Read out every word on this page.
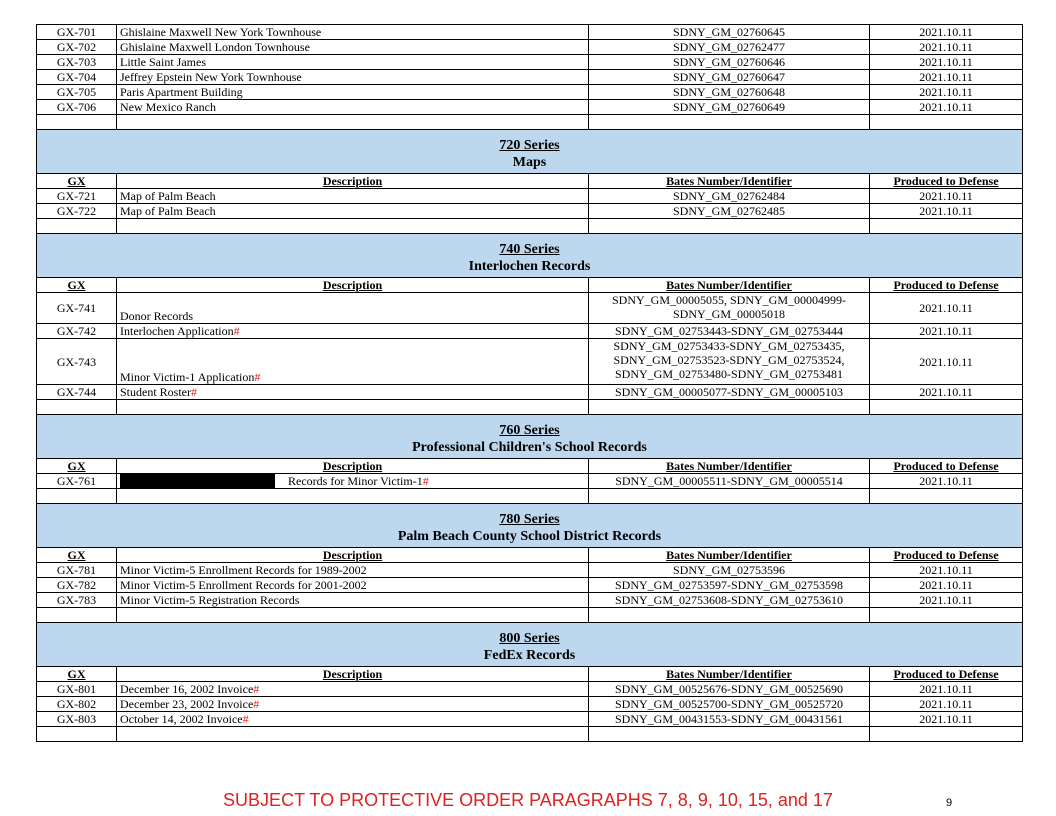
GX-701	Ghislaine Maxwell New York Townhouse	SDNY_GM_02760645	2021.10.11
GX-702	Ghislaine Maxwell London Townhouse	SDNY_GM_02762477	2021.10.11
GX-703	Little Saint James	SDNY_GM_02760646	2021.10.11
GX-704	Jeffrey Epstein New York Townhouse	SDNY_GM_02760647	2021.10.11
GX-705	Paris Apartment Building	SDNY_GM_02760648	2021.10.11
GX-706	New Mexico Ranch	SDNY_GM_02760649	2021.10.11

720 Series
Maps			

GX	Description	Bates Number/Identifier	Produced to Defense
GX-721	Map of Palm Beach	SDNY_GM_02762484	2021.10.11
GX-722	Map of Palm Beach	SDNY_GM_02762485	2021.10.11

740 Series
Interlochen Records			

GX	Description	Bates Number/Identifier	Produced to Defense
GX-741	Donor Records	SDNY_GM_00005055, SDNY_GM_00004999-
SDNY_GM_00005018	2021.10.11
GX-742	Interlochen Application#	SDNY_GM_02753443-SDNY_GM_02753444	2021.10.11
GX-743	Minor Victim-1 Application#	SDNY_GM_02753433-SDNY_GM_02753435,
SDNY_GM_02753523-SDNY_GM_02753524,
SDNY_GM_02753480-SDNY_GM_02753481	2021.10.11
GX-744	Student Roster#	SDNY_GM_00005077-SDNY_GM_00005103	2021.10.11

760 Series
Professional Children's School Records			

GX	Description	Bates Number/Identifier	Produced to Defense
GX-761	Records for Minor Victim-1#	SDNY_GM_00005511-SDNY_GM_00005514	2021.10.11

780 Series
Palm Beach County School District Records			

GX	Description	Bates Number/Identifier	Produced to Defense
GX-781	Minor Victim-5 Enrollment Records for 1989-2002	SDNY_GM_02753596	2021.10.11
GX-782	Minor Victim-5 Enrollment Records for 2001-2002	SDNY_GM_02753597-SDNY_GM_02753598	2021.10.11
GX-783	Minor Victim-5 Registration Records	SDNY_GM_02753608-SDNY_GM_02753610	2021.10.11

800 Series
FedEx Records			

GX	Description	Bates Number/Identifier	Produced to Defense
GX-801	December 16, 2002 Invoice#	SDNY_GM_00525676-SDNY_GM_00525690	2021.10.11
GX-802	December 23, 2002 Invoice#	SDNY_GM_00525700-SDNY_GM_00525720	2021.10.11
GX-803	October 14, 2002 Invoice#	SDNY_GM_00431553-SDNY_GM_00431561	2021.10.11

SUBJECT TO PROTECTIVE ORDER PARAGRAPHS 7, 8, 9, 10, 15, and 17	9
